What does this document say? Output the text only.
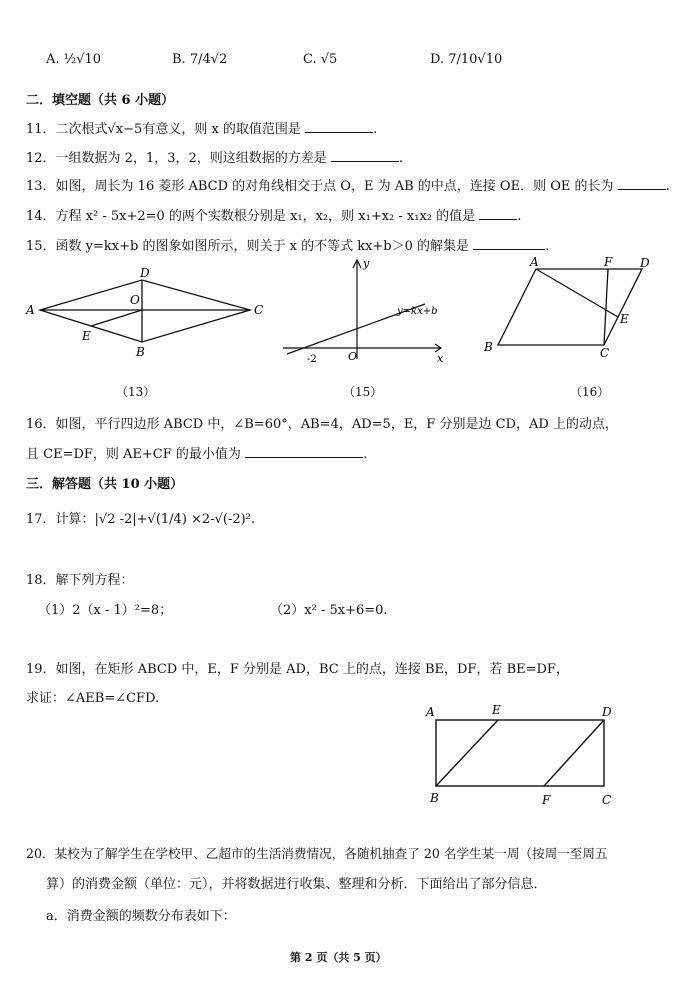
A. ½√10	B. 7/4√2	C. √5	D. 7/10√10
二．填空题（共 6 小题）
11．二次根式√x−5有意义，则 x 的取值范围是	.
12．一组数据为 2，1，3，2，则这组数据的方差是	.
13．如图，周长为 16 菱形 ABCD 的对角线相交于点 O，E 为 AB 的中点，连接 OE．则 OE 的长为	.
14．方程 x² - 5x+2=0 的两个实数根分别是 x₁，x₂，则 x₁+x₂ - x₁x₂ 的值是	.
15．函数 y=kx+b 的图象如图所示，则关于 x 的不等式 kx+b＞0 的解集是	.
A
D
C
B
O
E
（13）
y
x
O
-2
y=kx+b
（15）
A	F D
E
B	C
（16）
16．如图，平行四边形 ABCD 中，∠B=60°，AB=4，AD=5，E，F 分别是边 CD，AD 上的动点，
且 CE=DF，则 AE+CF 的最小值为	.
三．解答题（共 10 小题）
17．计算：|√2 -2|+√(1/4) ×2-√(-2)².
18．解下列方程：
（1）2（x - 1）²=8；	（2）x² - 5x+6=0.
19．如图，在矩形 ABCD 中，E，F 分别是 AD，BC 上的点，连接 BE，DF，若 BE=DF，
求证：∠AEB=∠CFD.
A	E	D
B	F	C
20．某校为了解学生在学校甲、乙超市的生活消费情况，各随机抽查了 20 名学生某一周（按周一至周五
算）的消费金额（单位：元），并将数据进行收集、整理和分析．下面给出了部分信息．
a．消费金额的频数分布表如下：
第 2 页（共 5 页）
